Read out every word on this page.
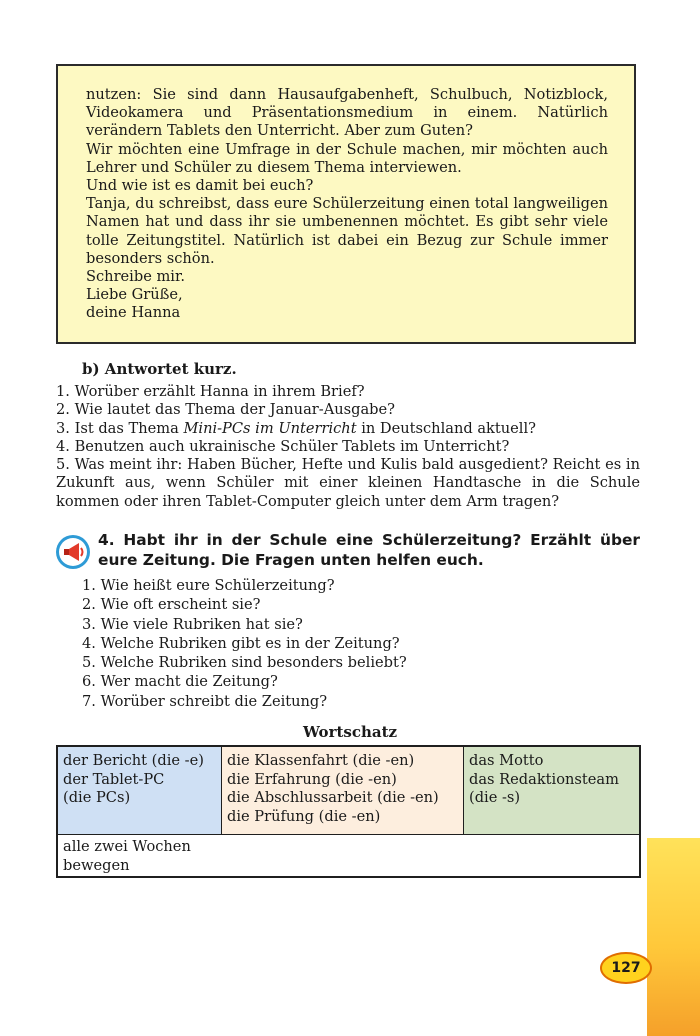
nutzen: Sie sind dann Hausaufgabenheft, Schulbuch, Notizblock, Videokamera und Präsentationsmedium in einem. Natürlich verändern Tablets den Unterricht. Aber zum Guten?

Wir möchten eine Umfrage in der Schule machen, mir möchten auch Lehrer und Schüler zu diesem Thema interviewen.

Und wie ist es damit bei euch?

Tanja, du schreibst, dass eure Schülerzeitung einen total langweiligen Namen hat und dass ihr sie umbenennen möchtet. Es gibt sehr viele tolle Zeitungstitel. Natürlich ist dabei ein Bezug zur Schule immer besonders schön.

Schreibe mir.

Liebe Grüße,

deine Hanna

b) Antwortet kurz.
1. Worüber erzählt Hanna in ihrem Brief?
2. Wie lautet das Thema der Januar-Ausgabe?
3. Ist das Thema Mini-PCs im Unterricht in Deutschland aktuell?
4. Benutzen auch ukrainische Schüler Tablets im Unterricht?
5. Was meint ihr: Haben Bücher, Hefte und Kulis bald ausgedient? Reicht es in Zukunft aus, wenn Schüler mit einer kleinen Handtasche in die Schule kommen oder ihren Tablet-Computer gleich unter dem Arm tragen?
4. Habt ihr in der Schule eine Schülerzeitung? Erzählt über eure Zeitung. Die Fragen unten helfen euch.
1. Wie heißt eure Schülerzeitung?
2. Wie oft erscheint sie?
3. Wie viele Rubriken hat sie?
4. Welche Rubriken gibt es in der Zeitung?
5. Welche Rubriken sind besonders beliebt?
6. Wer macht die Zeitung?
7. Worüber schreibt die Zeitung?
Wortschatz
der Bericht (die -e)
der Tablet-PC
(die PCs)
die Klassenfahrt (die -en)
die Erfahrung (die -en)
die Abschlussarbeit (die -en)
die Prüfung (die -en)
das Motto
das Redaktionsteam
(die -s)
alle zwei Wochen
bewegen
127
